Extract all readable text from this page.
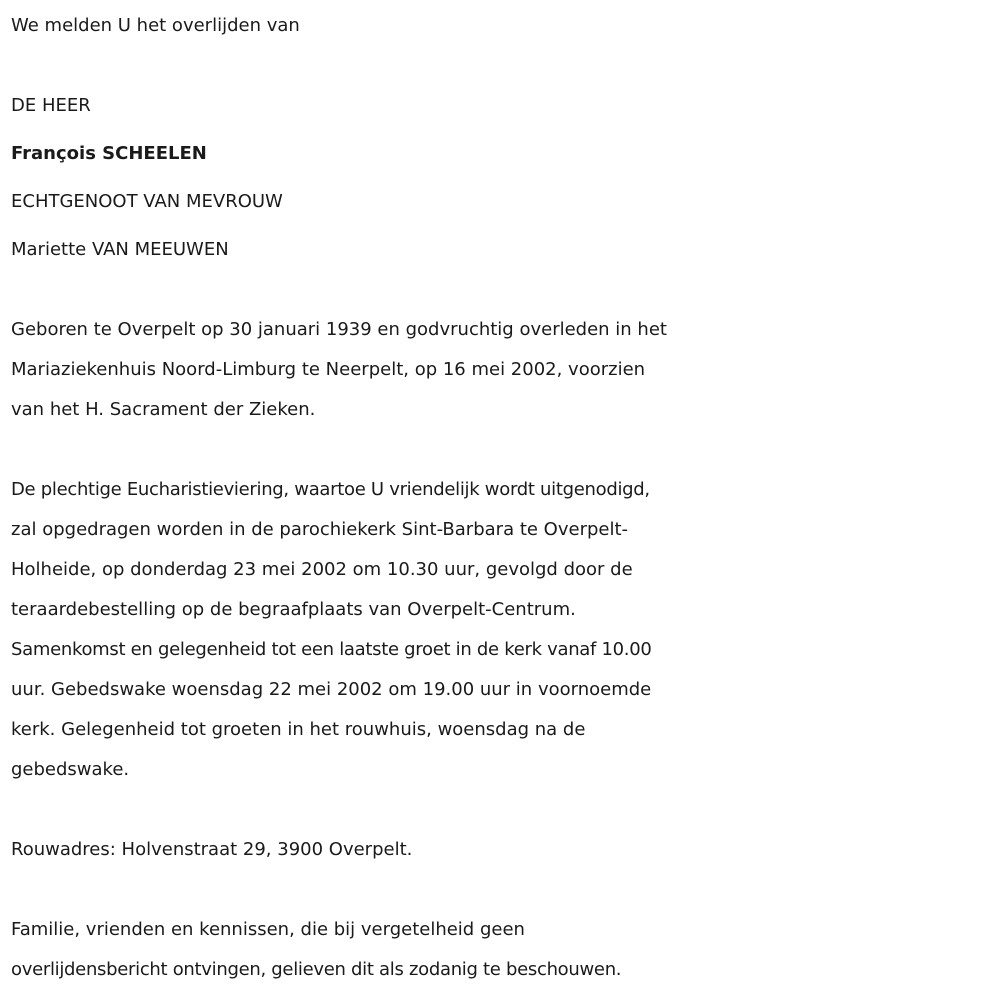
We melden U het overlijden van

DE HEER

François SCHEELEN

ECHTGENOOT VAN MEVROUW

Mariette VAN MEEUWEN

Geboren te Overpelt op 30 januari 1939 en godvruchtig overleden in het

Mariaziekenhuis Noord-Limburg te Neerpelt, op 16 mei 2002, voorzien

van het H. Sacrament der Zieken.

De plechtige Eucharistieviering, waartoe U vriendelijk wordt uitgenodigd,

zal opgedragen worden in de parochiekerk Sint-Barbara te Overpelt-

Holheide, op donderdag 23 mei 2002 om 10.30 uur, gevolgd door de

teraardebestelling op de begraafplaats van Overpelt-Centrum.

Samenkomst en gelegenheid tot een laatste groet in de kerk vanaf 10.00

uur. Gebedswake woensdag 22 mei 2002 om 19.00 uur in voornoemde

kerk. Gelegenheid tot groeten in het rouwhuis, woensdag na de

gebedswake.

Rouwadres: Holvenstraat 29, 3900 Overpelt.

Familie, vrienden en kennissen, die bij vergetelheid geen

overlijdensbericht ontvingen, gelieven dit als zodanig te beschouwen.
